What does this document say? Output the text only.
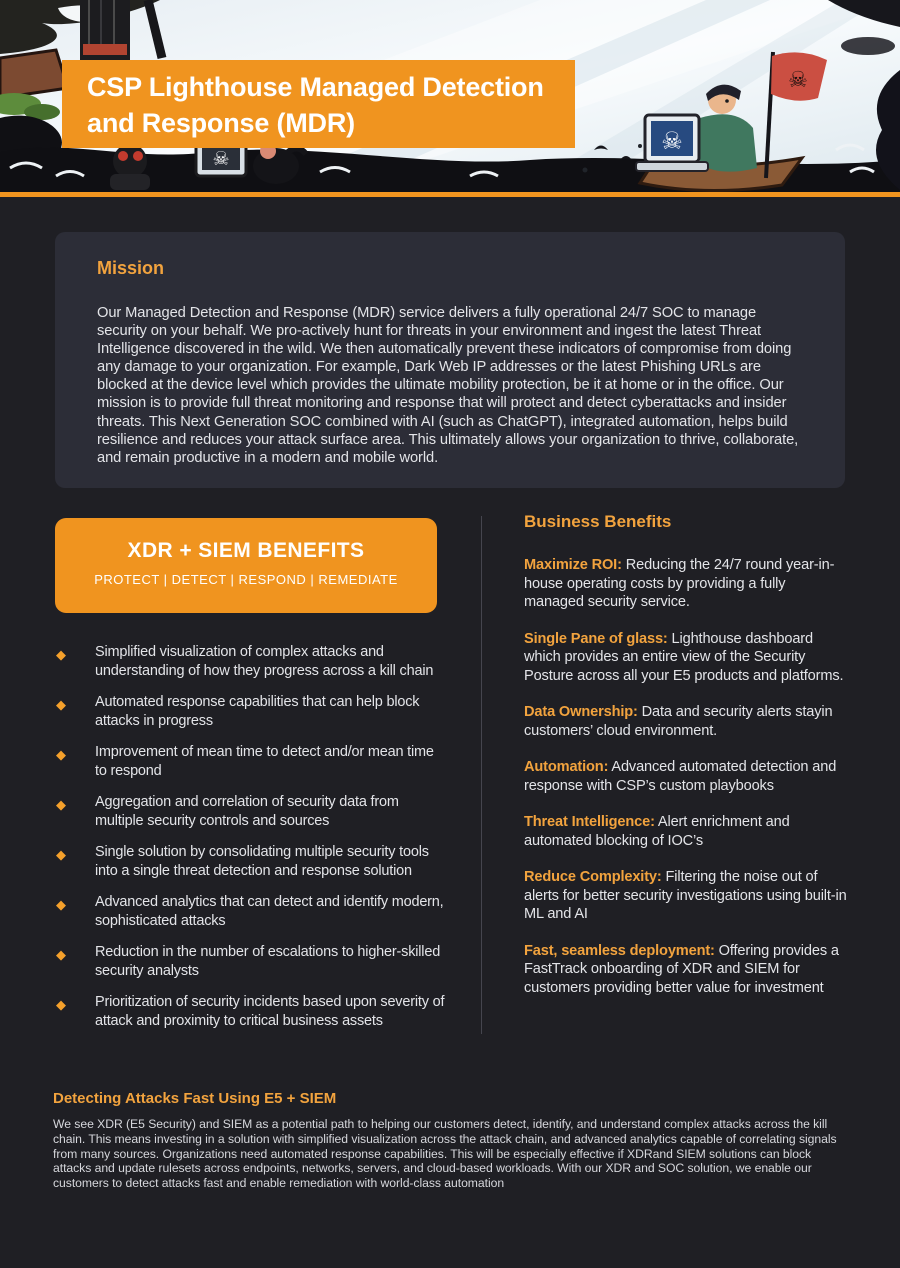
☠
☠
☠
CSP Lighthouse Managed Detection
and Response (MDR)
Mission

Our Managed Detection and Response (MDR) service delivers a fully operational 24/7 SOC to manage security on your behalf. We pro-actively hunt for threats in your environment and ingest the latest Threat Intelligence discovered in the wild. We then automatically prevent these indicators of compromise from doing any damage to your organization. For example, Dark Web IP addresses or the latest Phishing URLs are blocked at the device level which provides the ultimate mobility protection, be it at home or in the office. Our mission is to provide full threat monitoring and response that will protect and detect cyberattacks and insider threats. This Next Generation SOC combined with AI (such as ChatGPT), integrated automation, helps build resilience and reduces your attack surface area. This ultimately allows your organization to thrive, collaborate, and remain productive in a modern and mobile world.

XDR + SIEM BENEFITS
PROTECT | DETECT | RESPOND | REMEDIATE
◆ Simplified visualization of complex attacks and understanding of how they progress across a kill chain
◆ Automated response capabilities that can help block attacks in progress
◆ Improvement of mean time to detect and/or mean time to respond
◆ Aggregation and correlation of security data from multiple security controls and sources
◆ Single solution by consolidating multiple security tools into a single threat detection and response solution
◆ Advanced analytics that can detect and identify modern, sophisticated attacks
◆ Reduction in the number of escalations to higher-skilled security analysts
◆ Prioritization of security incidents based upon severity of attack and proximity to critical business assets
Business Benefits

Maximize ROI: Reducing the 24/7 round year-in-house operating costs by providing a fully managed security service.

Single Pane of glass: Lighthouse dashboard which provides an entire view of the Security Posture across all your E5 products and platforms.

Data Ownership: Data and security alerts stayin customers’ cloud environment.

Automation: Advanced automated detection and response with CSP’s custom playbooks

Threat Intelligence: Alert enrichment and automated blocking of IOC’s

Reduce Complexity: Filtering the noise out of alerts for better security investigations using built-in ML and AI

Fast, seamless deployment: Offering provides a FastTrack onboarding of XDR and SIEM for customers providing better value for investment

Detecting Attacks Fast Using E5 + SIEM

We see XDR (E5 Security) and SIEM as a potential path to helping our customers detect, identify, and understand complex attacks across the kill chain. This means investing in a solution with simplified visualization across the attack chain, and advanced analytics capable of correlating signals from many sources. Organizations need automated response capabilities. This will be especially effective if XDRand SIEM solutions can block attacks and update rulesets across endpoints, networks, servers, and cloud-based workloads. With our XDR and SOC solution, we enable our customers to detect attacks fast and enable remediation with world-class automation
